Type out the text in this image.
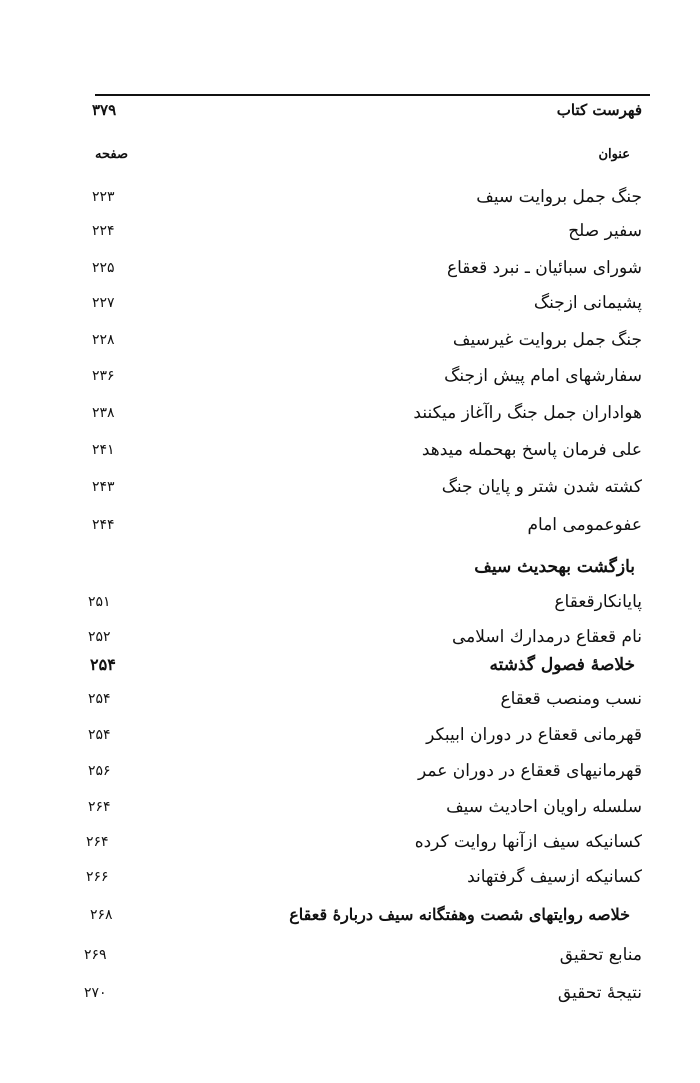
فهرست کتاب
۳۷۹
عنوان
صفحه
جنگ جمل بروایت سیف
۲۲۳
سفیر صلح
۲۲۴
شورای سبائیان ـ نبرد قعقاع
۲۲۵
پشیمانی ازجنگ
۲۲۷
جنگ جمل بروایت غیرسیف
۲۲۸
سفارشهای امام پیش ازجنگ
۲۳۶
هواداران جمل جنگ راآغاز میکنند
۲۳۸
علی فرمان پاسخ بهحمله میدهد
۲۴۱
کشته شدن شتر و پایان جنگ
۲۴۳
عفوعمومی امام
۲۴۴
بازگشت بهحدیث سیف
پایانکارقعقاع
۲۵۱
نام قعقاع درمدارك اسلامی
۲۵۲
خلاصهٔ فصول گذشته
۲۵۴
نسب ومنصب قعقاع
۲۵۴
قهرمانی قعقاع در دوران ابیبکر
۲۵۴
قهرمانیهای قعقاع در دوران عمر
۲۵۶
سلسله راویان احادیث سیف
۲۶۴
کسانیکه سیف ازآنها روایت کرده
۲۶۴
کسانیکه ازسیف گرفتهاند
۲۶۶
خلاصه روایتهای شصت وهفتگانه سیف دربارهٔ قعقاع
۲۶۸
منابع تحقیق
۲۶۹
نتیجهٔ تحقیق
۲۷۰
